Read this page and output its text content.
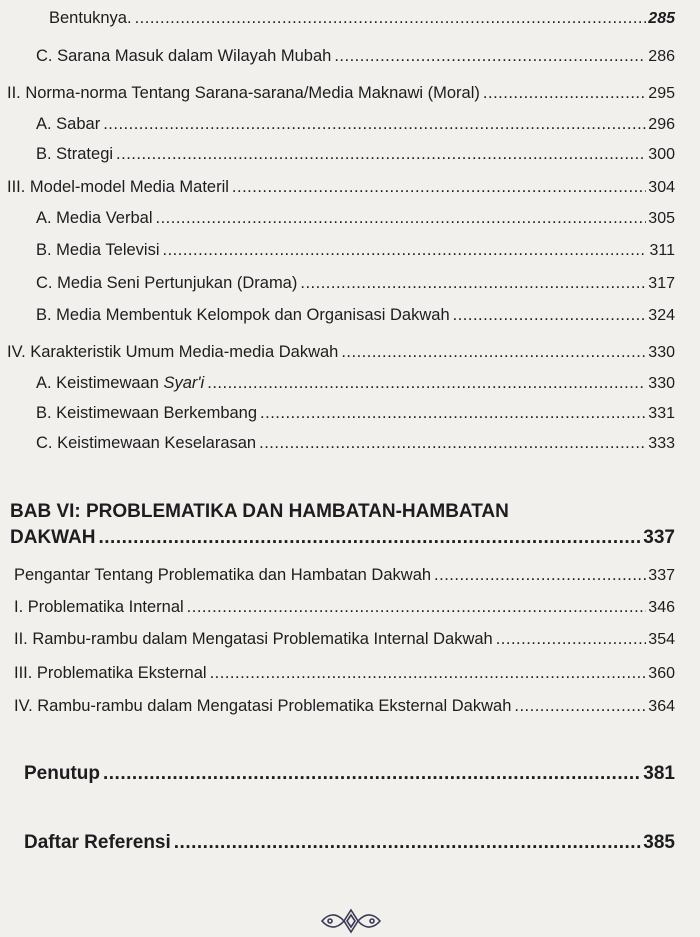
Bentuknya. .....	285
C. Sarana Masuk dalam Wilayah Mubah .....	286
II. Norma-norma Tentang Sarana-sarana/Media Maknawi (Moral) .....	295
A. Sabar .....	296
B. Strategi .....	300
III. Model-model Media Materil .....	304
A. Media Verbal .....	305
B. Media Televisi .....	311
C. Media Seni Pertunjukan (Drama) .....	317
B. Media Membentuk Kelompok dan Organisasi Dakwah .....	324
IV. Karakteristik Umum Media-media Dakwah .....	330
A. Keistimewaan Syar'i .....	330
B. Keistimewaan Berkembang .....	331
C. Keistimewaan Keselarasan .....	333
BAB VI: PROBLEMATIKA DAN HAMBATAN-HAMBATAN
DAKWAH .....	337
Pengantar Tentang Problematika dan Hambatan Dakwah .....	337
I. Problematika Internal .....	346
II. Rambu-rambu dalam Mengatasi Problematika Internal Dakwah .....	354
III. Problematika Eksternal .....	360
IV. Rambu-rambu dalam Mengatasi Problematika Eksternal Dakwah .....	364
Penutup .....	381
Daftar Referensi .....	385
